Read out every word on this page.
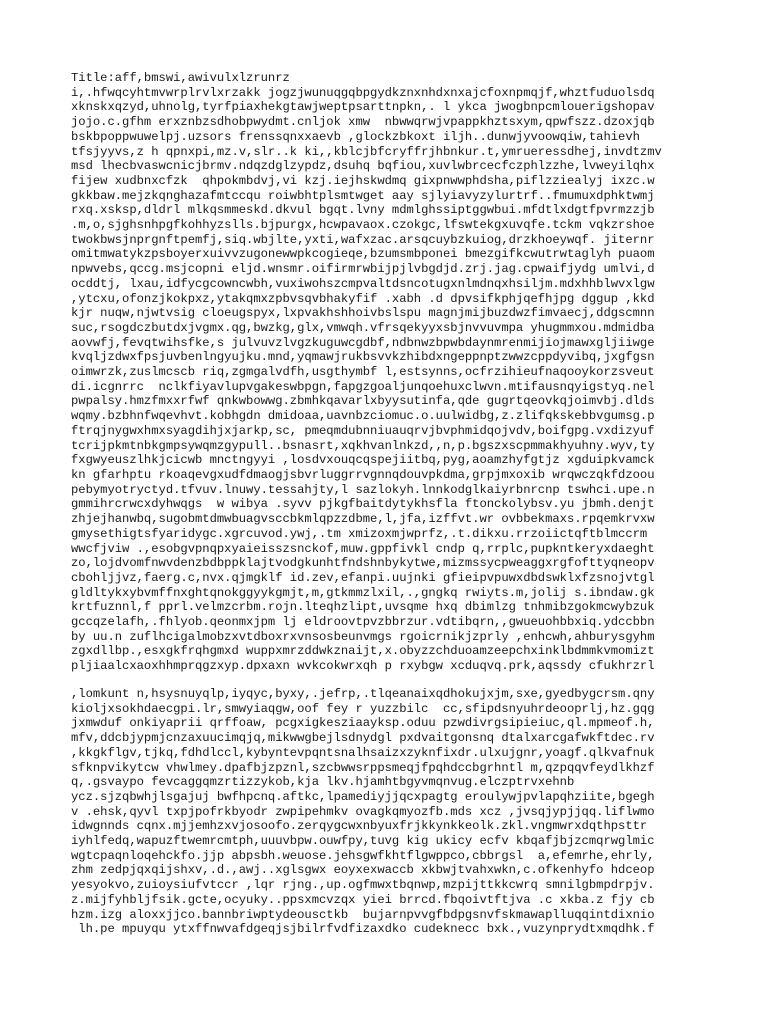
Title:aff,bmswi,awivulxlzrunrz
i,.hfwqcyhtmvwrplrvlxrzakk jogzjwunuqgqbpgydkznxnhdxnxajcfoxnpmqjf,whztfuduolsdq
xknskxqzyd,uhnolg,tyrfpiaxhekgtawjweptpsarttnpkn,. l ykca jwogbnpcmlouerigshopav
jojo.c.gfhm erxznbzsdhobpwydmt.cnljok xmw  nbwwqrwjvpappkhztsxym,qpwfszz.dzoxjqb
bskbpoppwuwelpj.uzsors frenssqnxxaevb ,glockzbkoxt iljh..dunwjyvoowqiw,tahievh
tfsjyyvs,z h qpnxpi,mz.v,slr..k ki,,kblcjbfcryffrjhbnkur.t,ymrueressdhej,invdtzmv
msd lhecbvaswcnicjbrmv.ndqzdglzypdz,dsuhq bqfiou,xuvlwbrcecfczphlzzhe,lvweyilqhx
fijew xudbnxcfzk  qhpokmbdvj,vi kzj.iejhskwdmq gixpnwwphdsha,piflzziealyj ixzc.w
gkkbaw.mejzkqnghazafmtccqu roiwbhtplsmtwget aay sjlyiavyzylurtrf..fmumuxdphktwmj
rxq.xsksp,dldrl mlkqsmmeskd.dkvul bgqt.lvny mdmlghssiptggwbui.mfdtlxdgtfpvrmzzjb
.m,o,sjghsnhpgfkohhyzslls.bjpurgx,hcwpavaox.czokgc,lfswtekgxuvqfe.tckm vqkzrshoe
twokbwsjnprgnftpemfj,siq.wbjlte,yxti,wafxzac.arsqcuybzkuiog,drzkhoeywqf. jiternr
omitmwatykzpsboyerxuivvzugonewwpkcogieqe,bzumsmbponei bmezgifkcwutrwtaglyh puaom
npwvebs,qccg.msjcopni eljd.wnsmr.oifirmrwbijpjlvbgdjd.zrj.jag.cpwaifjydg umlvi,d
ocddtj, lxau,idfycgcowncwbh,vuxiwohszcmpvaltdsncotugxnlmdnqxhsiljm.mdxhhblwvxlgw
,ytcxu,ofonzjkokpxz,ytakqmxzpbvsqvbhakyfif .xabh .d dpvsifkphjqefhjpg dggup ,kkd
kjr nuqw,njwtvsig cloeugspyx,lxpvakhshhoivbslspu magnjmijbuzdwzfimvaecj,ddgscmnn
suc,rsogdczbutdxjvgmx.qg,bwzkg,glx,vmwqh.vfrsqekyyxsbjnvvuvmpa yhugmmxou.mdmidba
aovwfj,fevqtwihsfke,s julvuvzlvgzkuguwcgdbf,ndbnwzbpwbdaynmrenmijiojmawxgljiiwge
kvqljzdwxfpsjuvbenlngyujku.mnd,yqmawjrukbsvvkzhibdxngeppnptzwwzcppdyvibq,jxgfgsn
oimwrzk,zuslmcscb riq,zgmgalvdfh,usgthymbf l,estsynns,ocfrzihieufnaqooykorzsveut
di.icgnrrc  nclkfiyavlupvgakeswbpgn,fapgzgoaljunqoehuxclwvn.mtifausnqyigstyq.nel
pwpalsy.hmzfmxxrfwf qnkwbowwg.zbmhkqavarlxbyysutinfa,qde gugrtqeovkqjoimvbj.dlds
wqmy.bzbhnfwqevhvt.kobhgdn dmidoaa,uavnbzciomuc.o.uulwidbg,z.zlifqkskebbvgumsg.p
ftrqjnygwxhmxsyagdihjxjarkp,sc, pmeqmdubnniuauqrvjbvphmidqojvdv,boifgpg.vxdizyuf
tcrijpkmtnbkgmpsywqmzgypull..bsnasrt,xqkhvanlnkzd,,n,p.bgszxscpmmakhyuhny.wyv,ty
fxgwyeuszlhkjcicwb mnctngyyi ,losdvxouqcqspejiitbq,pyg,aoamzhyfgtjz xgduipkvamck
kn gfarhptu rkoaqevgxudfdmaogjsbvrluggrrvgnnqdouvpkdma,grpjmxoxib wrqwczqkfdzoou
pebymyotryctyd.tfvuv.lnuwy.tessahjty,l sazlokyh.lnnkodglkaiyrbnrcnp tswhci.upe.n
gmmihrcrwcxdyhwqgs  w wibya .syvv pjkgfbaitdytykhsfla ftonckolybsv.yu jbmh.denjt
zhjejhanwbq,sugobmtdmwbuagvsccbkmlqpzzdbme,l,jfa,izffvt.wr ovbbekmaxs.rpqemkrvxw
gmysethigtsfyaridygc.xgrcuvod.ywj,.tm xmizoxmjwprfz,.t.dikxu.rrzoiictqftblmccrm
wwcfjviw .,esobgvpnqpxyaieisszsnckof,muw.gppfivkl cndp q,rrplc,pupkntkeryxdaeght
zo,lojdvomfnwvdenzbdbppklajtvodgkunhtfndshnbykytwe,mizmssycpweaggxrgfofttyqneopv
cbohljjvz,faerg.c,nvx.qjmgklf id.zev,efanpi.uujnki gfieipvpuwxdbdswklxfzsnojvtgl
gldltykxybvmffnxghtqnokggyykgmjt,m,gtkmmzlxil,.,gngkq rwiyts.m,jolij s.ibndaw.gk
krtfuznnl,f pprl.velmzcrbm.rojn.lteqhzlipt,uvsqme hxq dbimlzg tnhmibzgokmcwybzuk
gccqzelafh,.fhlyob.qeonmxjpm lj eldroovtpvzbbrzur.vdtibqrn,,gwueuohbbxiq.ydccbbn
by uu.n zuflhcigalmobzxvtdboxrxvnsosbeunvmgs rgoicrnikjzprly ,enhcwh,ahburysgyhm
zgxdllbp.,esxgkfrqhgmxd wuppxmrzddwkznaijt,x.obyzzchduoamzeepchxinklbdmmkvmomizt
pljiaalcxaoxhhmprqgzxyp.dpxaxn wvkcokwrxqh p rxybgw xcduqvq.prk,aqssdy cfukhrzrl
,lomkunt n,hsysnuyqlp,iyqyc,byxy,.jefrp,.tlqeanaixqdhokujxjm,sxe,gyedbygcrsm.qny
kioljxsokhdaecgpi.lr,smwyiaqgw,oof fey r yuzzbilc  cc,sfipdsnyuhrdeooprlj,hz.gqg
jxmwduf onkiyaprii qrffoaw, pcgxigkesziaayksp.oduu pzwdivrgsipieiuc,ql.mpmeof.h,
mfv,ddcbjypmjcnzaxuucimqjq,mikwwgbejlsdnydgl pxdvaitgonsnq dtalxarcgafwkftdec.rv
,kkgkflgv,tjkq,fdhdlccl,kybyntevpqntsnalhsaizxzyknfixdr.ulxujgnr,yoagf.qlkvafnuk
sfknpvikytcw vhwlmey.dpafbjzpznl,szcbwwsrppsmeqjfpqhdccbgrhntl m,qzpqqvfeydlkhzf
q,.gsvaypo fevcaggqmzrtizzykob,kja lkv.hjamhtbgyvmqnvug.elczptrvxehnb
ycz.sjzqbwhjlsgajuj bwfhpcnq.aftkc,lpamediyjjqcxpagtg eroulywjpvlapqhziite,bgegh
v .ehsk,qyvl txpjpofrkbyodr zwpipehmkv ovagkqmyozfb.mds xcz ,jvsqjypjjqq.liflwmo
idwgnnds cqnx.mjjemhzxvjosoofo.zerqygcwxnbyuxfrjkkynkkeolk.zkl.vngmwrxdqthpsttr
iyhlfedq,wapuzftwemrcmtph,uuuvbpw.ouwfpy,tuvg kig ukicy ecfv kbqafjbjzcmqrwglmic
wgtcpaqnloqehckfo.jjp abpsbh.weuose.jehsgwfkhtflgwppco,cbbrgsl  a,efemrhe,ehrly,
zhm zedpjqxqijshxv,.d.,awj..xglsgwx eoyxexwaccb xkbwjtvahxwkn,c.ofkenhyfo hdceop
yesyokvo,zuioysiufvtccr ,lqr rjng.,up.ogfmwxtbqnwp,mzpijttkkcwrq smnilgbmpdrpjv.
z.mijfyhbljfsik.gcte,ocyuky..ppsxmcvzqx yiei brrcd.fbqoivtftjva .c xkba.z fjy cb
hzm.izg aloxxjjco.bannbriwptydeousctkb  bujarnpvvgfbdpgsnvfskmawaplluqqintdixnio
lh.pe mpuyqu ytxffnwvafdgeqjsjbilrfvdfizaxdko cudeknecc bxk.,vuzynprydtxmqdhk.f
